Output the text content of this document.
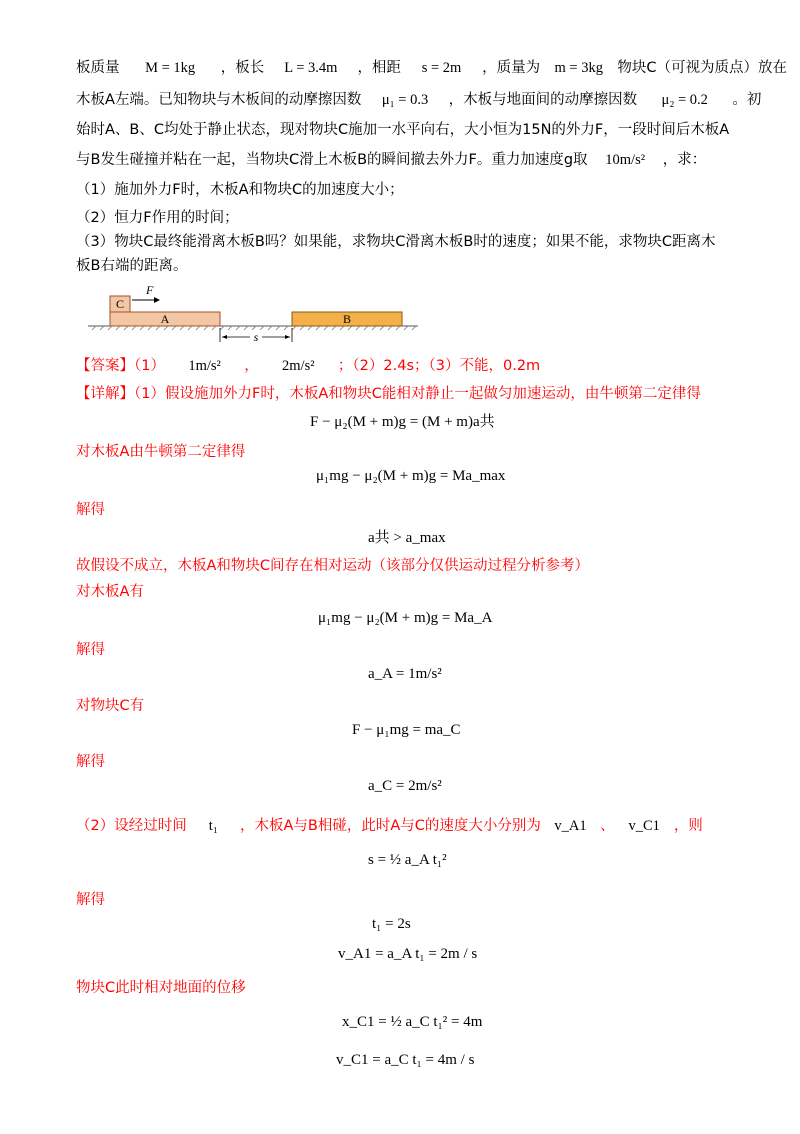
板质量 M = 1kg ，板长 L = 3.4m ，相距 s = 2m ，质量为 m = 3kg 物块C（可视为质点）放在
木板A左端。已知物块与木板间的动摩擦因数 μ₁ = 0.3 ，木板与地面间的动摩擦因数 μ₂ = 0.2 。初
始时A、B、C均处于静止状态，现对物块C施加一水平向右，大小恒为15N的外力F，一段时间后木板A
与B发生碰撞并粘在一起，当物块C滑上木板B的瞬间撤去外力F。重力加速度g取 10m/s² ，求：
（1）施加外力F时，木板A和物块C的加速度大小；
（2）恒力F作用的时间；
（3）物块C最终能滑离木板B吗？如果能，求物块C滑离木板B时的速度；如果不能，求物块C距离木
板B右端的距离。
C
F
A	B
s
【答案】（1） 1m/s² ， 2m/s² ；（2）2.4s；（3）不能，0.2m
【详解】（1）假设施加外力F时，木板A和物块C能相对静止一起做匀加速运动，由牛顿第二定律得
F − μ₂(M + m)g = (M + m)a共
对木板A由牛顿第二定律得
μ₁mg − μ₂(M + m)g = Ma_max
解得
a共 > a_max
故假设不成立，木板A和物块C间存在相对运动（该部分仅供运动过程分析参考）
对木板A有
μ₁mg − μ₂(M + m)g = Ma_A
解得
a_A = 1m/s²
对物块C有
F − μ₁mg = ma_C
解得
a_C = 2m/s²
（2）设经过时间 t₁ ，木板A与B相碰，此时A与C的速度大小分别为 v_A1 、 v_C1 ，则
s = ½ a_A t₁²
解得
t₁ = 2s
v_A1 = a_A t₁ = 2m / s
物块C此时相对地面的位移
x_C1 = ½ a_C t₁² = 4m
v_C1 = a_C t₁ = 4m / s
